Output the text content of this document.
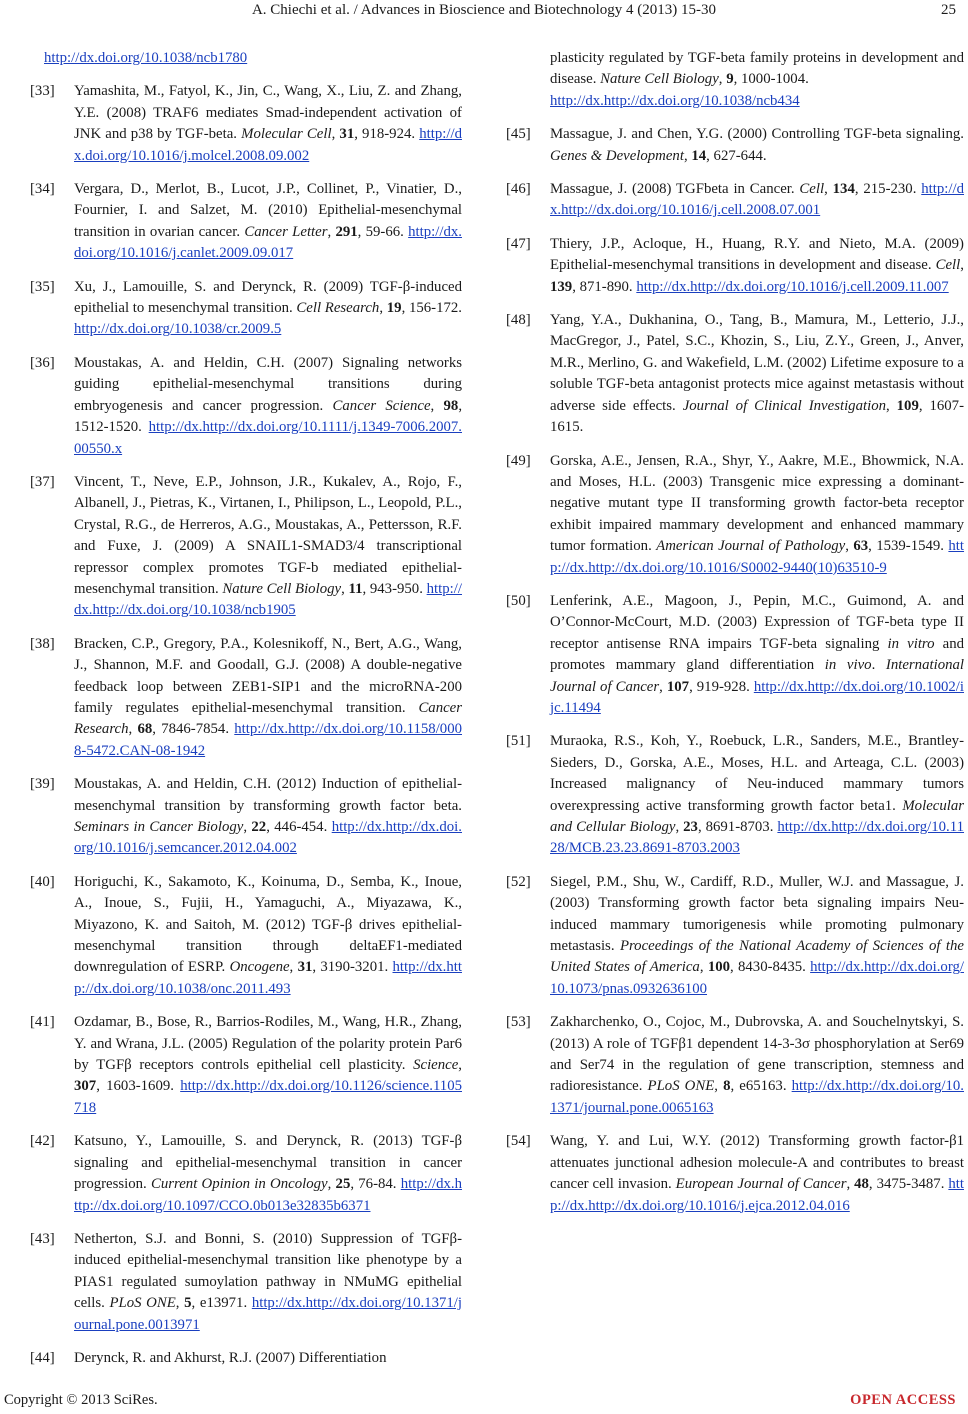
A. Chiechi et al. / Advances in Bioscience and Biotechnology 4 (2013) 15-30	25
http://dx.doi.org/10.1038/ncb1780
[33] Yamashita, M., Fatyol, K., Jin, C., Wang, X., Liu, Z. and Zhang, Y.E. (2008) TRAF6 mediates Smad-independent activation of JNK and p38 by TGF-beta. Molecular Cell, 31, 918-924. http://dx.doi.org/10.1016/j.molcel.2008.09.002
[34] Vergara, D., Merlot, B., Lucot, J.P., Collinet, P., Vinatier, D., Fournier, I. and Salzet, M. (2010) Epithelial-mesenchymal transition in ovarian cancer. Cancer Letter, 291, 59-66. http://dx.doi.org/10.1016/j.canlet.2009.09.017
[35] Xu, J., Lamouille, S. and Derynck, R. (2009) TGF-β-induced epithelial to mesenchymal transition. Cell Research, 19, 156-172. http://dx.doi.org/10.1038/cr.2009.5
[36] Moustakas, A. and Heldin, C.H. (2007) Signaling networks guiding epithelial-mesenchymal transitions during embryogenesis and cancer progression. Cancer Science, 98, 1512-1520. http://dx.http://dx.doi.org/10.1111/j.1349-7006.2007.00550.x
[37] Vincent, T., Neve, E.P., Johnson, J.R., Kukalev, A., Rojo, F., Albanell, J., Pietras, K., Virtanen, I., Philipson, L., Leopold, P.L., Crystal, R.G., de Herreros, A.G., Moustakas, A., Pettersson, R.F. and Fuxe, J. (2009) A SNAIL1-SMAD3/4 transcriptional repressor complex promotes TGF-b mediated epithelial-mesenchymal transition. Nature Cell Biology, 11, 943-950. http://dx.http://dx.doi.org/10.1038/ncb1905
[38] Bracken, C.P., Gregory, P.A., Kolesnikoff, N., Bert, A.G., Wang, J., Shannon, M.F. and Goodall, G.J. (2008) A double-negative feedback loop between ZEB1-SIP1 and the microRNA-200 family regulates epithelial-mesenchymal transition. Cancer Research, 68, 7846-7854. http://dx.http://dx.doi.org/10.1158/0008-5472.CAN-08-1942
[39] Moustakas, A. and Heldin, C.H. (2012) Induction of epithelial-mesenchymal transition by transforming growth factor beta. Seminars in Cancer Biology, 22, 446-454. http://dx.http://dx.doi.org/10.1016/j.semcancer.2012.04.002
[40] Horiguchi, K., Sakamoto, K., Koinuma, D., Semba, K., Inoue, A., Inoue, S., Fujii, H., Yamaguchi, A., Miyazawa, K., Miyazono, K. and Saitoh, M. (2012) TGF-β drives epithelial-mesenchymal transition through deltaEF1-mediated downregulation of ESRP. Oncogene, 31, 3190-3201. http://dx.http://dx.doi.org/10.1038/onc.2011.493
[41] Ozdamar, B., Bose, R., Barrios-Rodiles, M., Wang, H.R., Zhang, Y. and Wrana, J.L. (2005) Regulation of the polarity protein Par6 by TGFβ receptors controls epithelial cell plasticity. Science, 307, 1603-1609. http://dx.http://dx.doi.org/10.1126/science.1105718
[42] Katsuno, Y., Lamouille, S. and Derynck, R. (2013) TGF-β signaling and epithelial-mesenchymal transition in cancer progression. Current Opinion in Oncology, 25, 76-84. http://dx.http://dx.doi.org/10.1097/CCO.0b013e32835b6371
[43] Netherton, S.J. and Bonni, S. (2010) Suppression of TGFβ-induced epithelial-mesenchymal transition like phenotype by a PIAS1 regulated sumoylation pathway in NMuMG epithelial cells. PLoS ONE, 5, e13971. http://dx.http://dx.doi.org/10.1371/journal.pone.0013971
[44] Derynck, R. and Akhurst, R.J. (2007) Differentiation
plasticity regulated by TGF-beta family proteins in development and disease. Nature Cell Biology, 9, 1000-1004.
http://dx.http://dx.doi.org/10.1038/ncb434
[45] Massague, J. and Chen, Y.G. (2000) Controlling TGF-beta signaling. Genes & Development, 14, 627-644.
[46] Massague, J. (2008) TGFbeta in Cancer. Cell, 134, 215-230. http://dx.http://dx.doi.org/10.1016/j.cell.2008.07.001
[47] Thiery, J.P., Acloque, H., Huang, R.Y. and Nieto, M.A. (2009) Epithelial-mesenchymal transitions in development and disease. Cell, 139, 871-890. http://dx.http://dx.doi.org/10.1016/j.cell.2009.11.007
[48] Yang, Y.A., Dukhanina, O., Tang, B., Mamura, M., Letterio, J.J., MacGregor, J., Patel, S.C., Khozin, S., Liu, Z.Y., Green, J., Anver, M.R., Merlino, G. and Wakefield, L.M. (2002) Lifetime exposure to a soluble TGF-beta antagonist protects mice against metastasis without adverse side effects. Journal of Clinical Investigation, 109, 1607-1615.
[49] Gorska, A.E., Jensen, R.A., Shyr, Y., Aakre, M.E., Bhowmick, N.A. and Moses, H.L. (2003) Transgenic mice expressing a dominant-negative mutant type II transforming growth factor-beta receptor exhibit impaired mammary development and enhanced mammary tumor formation. American Journal of Pathology, 63, 1539-1549. http://dx.http://dx.doi.org/10.1016/S0002-9440(10)63510-9
[50] Lenferink, A.E., Magoon, J., Pepin, M.C., Guimond, A. and O’Connor-McCourt, M.D. (2003) Expression of TGF-beta type II receptor antisense RNA impairs TGF-beta signaling in vitro and promotes mammary gland differentiation in vivo. International Journal of Cancer, 107, 919-928. http://dx.http://dx.doi.org/10.1002/ijc.11494
[51] Muraoka, R.S., Koh, Y., Roebuck, L.R., Sanders, M.E., Brantley-Sieders, D., Gorska, A.E., Moses, H.L. and Arteaga, C.L. (2003) Increased malignancy of Neu-induced mammary tumors overexpressing active transforming growth factor beta1. Molecular and Cellular Biology, 23, 8691-8703. http://dx.http://dx.doi.org/10.1128/MCB.23.23.8691-8703.2003
[52] Siegel, P.M., Shu, W., Cardiff, R.D., Muller, W.J. and Massague, J. (2003) Transforming growth factor beta signaling impairs Neu-induced mammary tumorigenesis while promoting pulmonary metastasis. Proceedings of the National Academy of Sciences of the United States of America, 100, 8430-8435. http://dx.http://dx.doi.org/10.1073/pnas.0932636100
[53] Zakharchenko, O., Cojoc, M., Dubrovska, A. and Souchelnytskyi, S. (2013) A role of TGFβ1 dependent 14-3-3σ phosphorylation at Ser69 and Ser74 in the regulation of gene transcription, stemness and radioresistance. PLoS ONE, 8, e65163. http://dx.http://dx.doi.org/10.1371/journal.pone.0065163
[54] Wang, Y. and Lui, W.Y. (2012) Transforming growth factor-β1 attenuates junctional adhesion molecule-A and contributes to breast cancer cell invasion. European Journal of Cancer, 48, 3475-3487. http://dx.http://dx.doi.org/10.1016/j.ejca.2012.04.016
Copyright © 2013 SciRes.	OPEN ACCESS
